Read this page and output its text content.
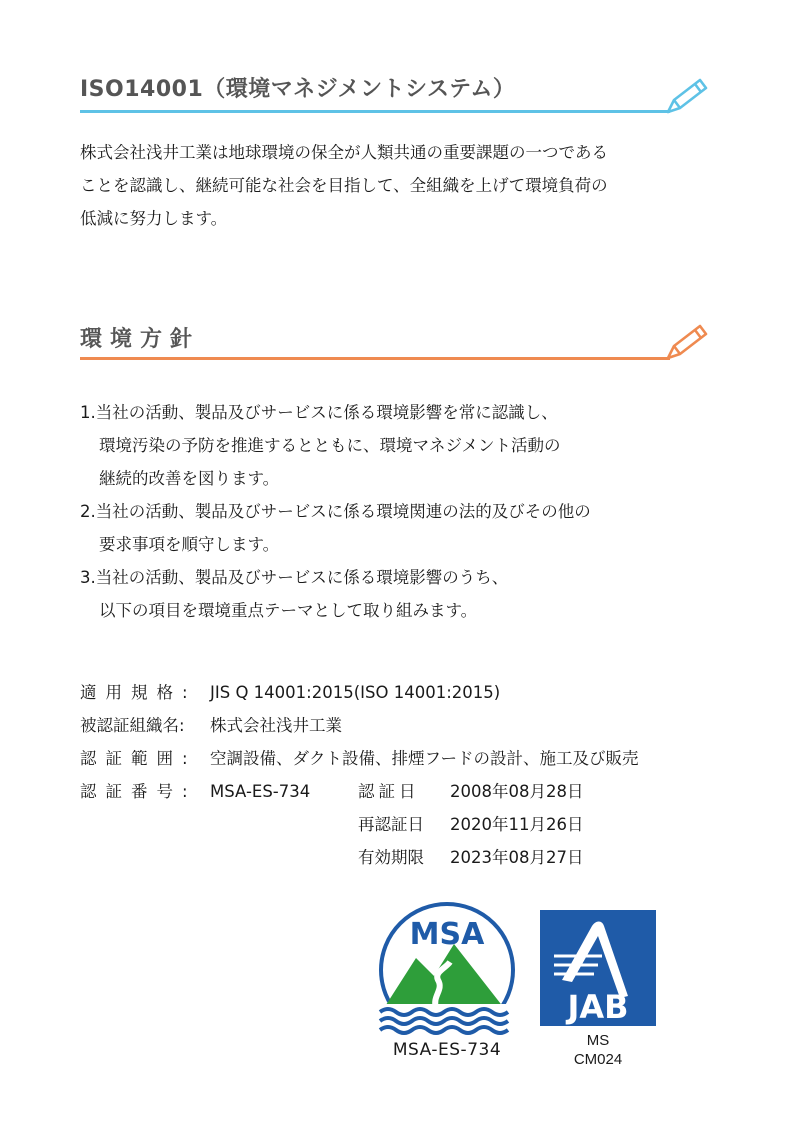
ISO14001（環境マネジメントシステム）
株式会社浅井工業は地球環境の保全が人類共通の重要課題の一つである
ことを認識し、継続可能な社会を目指して、全組織を上げて環境負荷の
低減に努力します。
環境方針
1.当社の活動、製品及びサービスに係る環境影響を常に認識し、
環境汚染の予防を推進するとともに、環境マネジメント活動の
継続的改善を図ります。
2.当社の活動、製品及びサービスに係る環境関連の法的及びその他の
要求事項を順守します。
3.当社の活動、製品及びサービスに係る環境影響のうち、
以下の項目を環境重点テーマとして取り組みます。
適用規格: JIS Q 14001:2015(ISO 14001:2015)
被認証組織名: 株式会社浅井工業
認証範囲: 空調設備、ダクト設備、排煙フードの設計、施工及び販売
認証番号: MSA-ES-734	認証日 2008年08月28日
再認証日 2020年11月26日
有効期限 2023年08月27日
MSA
MSA-ES-734
JAB
MS
CM024
